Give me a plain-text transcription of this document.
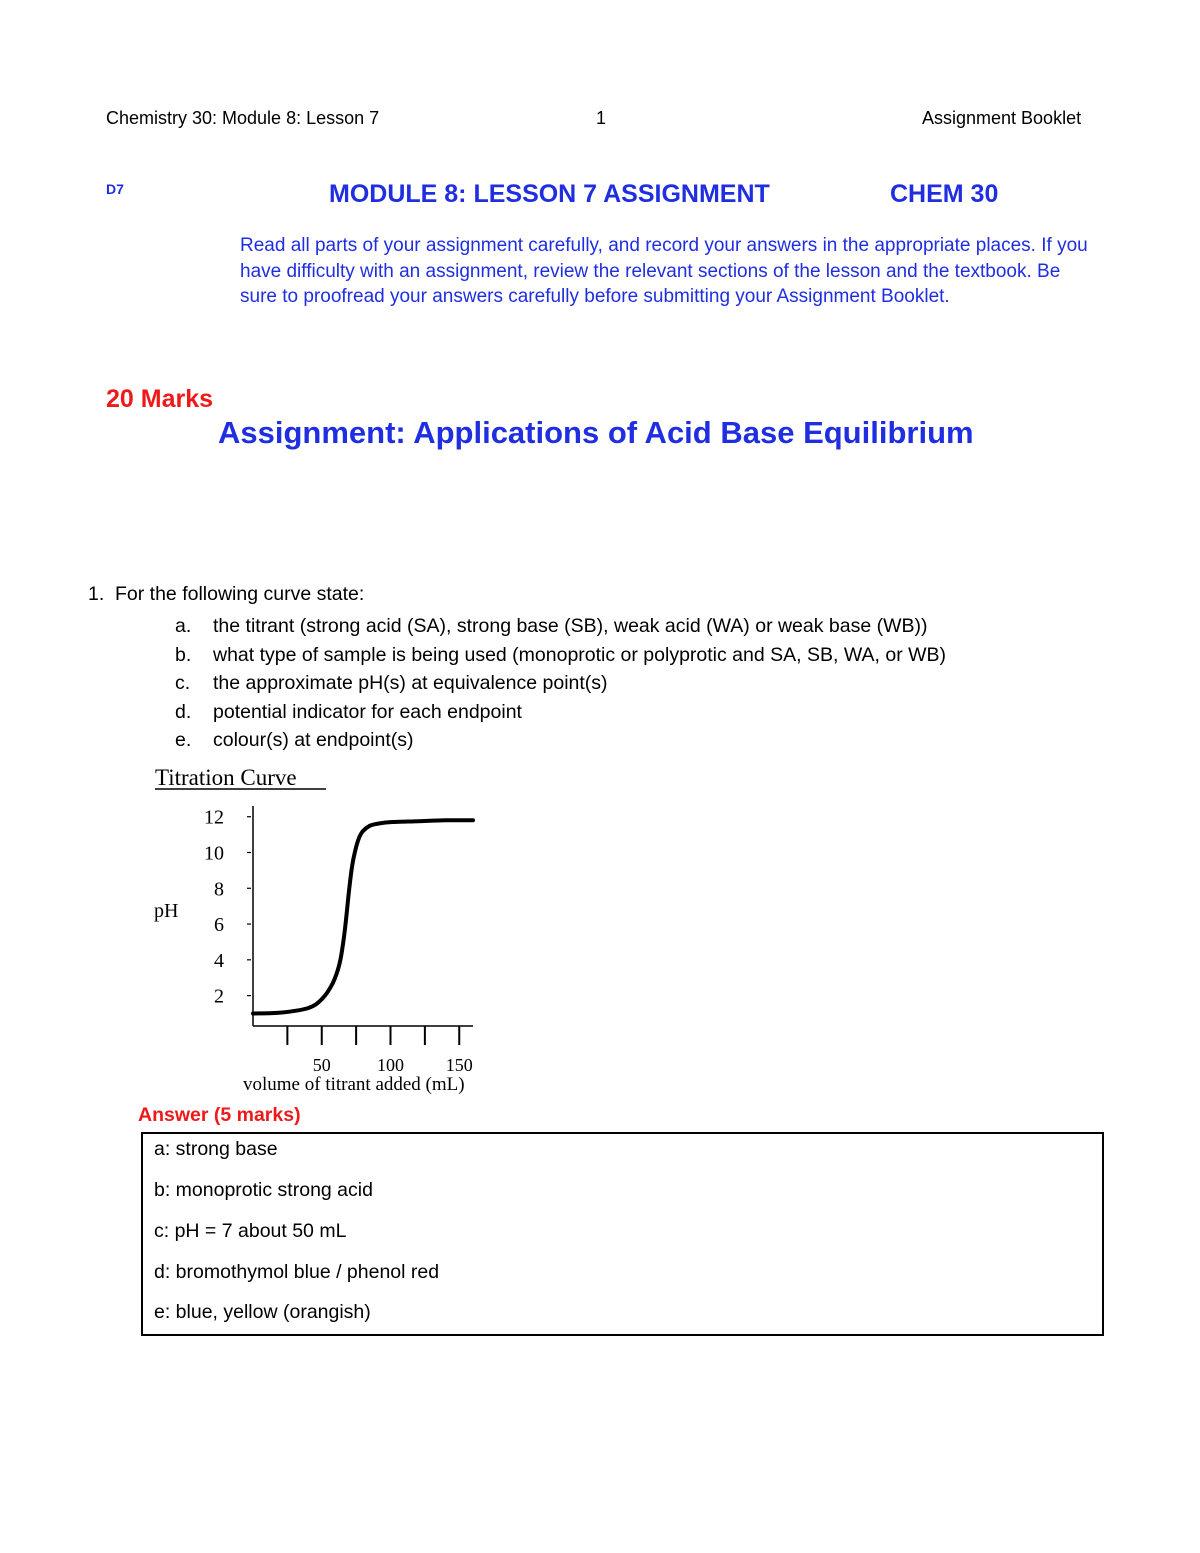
Chemistry 30: Module 8: Lesson 7	1	Assignment Booklet
D7	MODULE 8: LESSON 7 ASSIGNMENT	CHEM 30
Read all parts of your assignment carefully, and record your answers in the appropriate places. If you have difficulty with an assignment, review the relevant sections of the lesson and the textbook. Be sure to proofread your answers carefully before submitting your Assignment Booklet.
20 Marks
Assignment: Applications of Acid Base Equilibrium
1. For the following curve state:
a. the titrant (strong acid (SA), strong base (SB), weak acid (WA) or weak base (WB))
b. what type of sample is being used (monoprotic or polyprotic and SA, SB, WA, or WB)
c. the approximate pH(s) at equivalence point(s)
d. potential indicator for each endpoint
e. colour(s) at endpoint(s)
Titration Curve
pH
volume of titrant added (mL)
2
4
6
8
10
12
50	100 150
Answer (5 marks)
a: strong base
b: monoprotic strong acid
c: pH = 7 about 50 mL
d: bromothymol blue / phenol red
e: blue, yellow (orangish)
